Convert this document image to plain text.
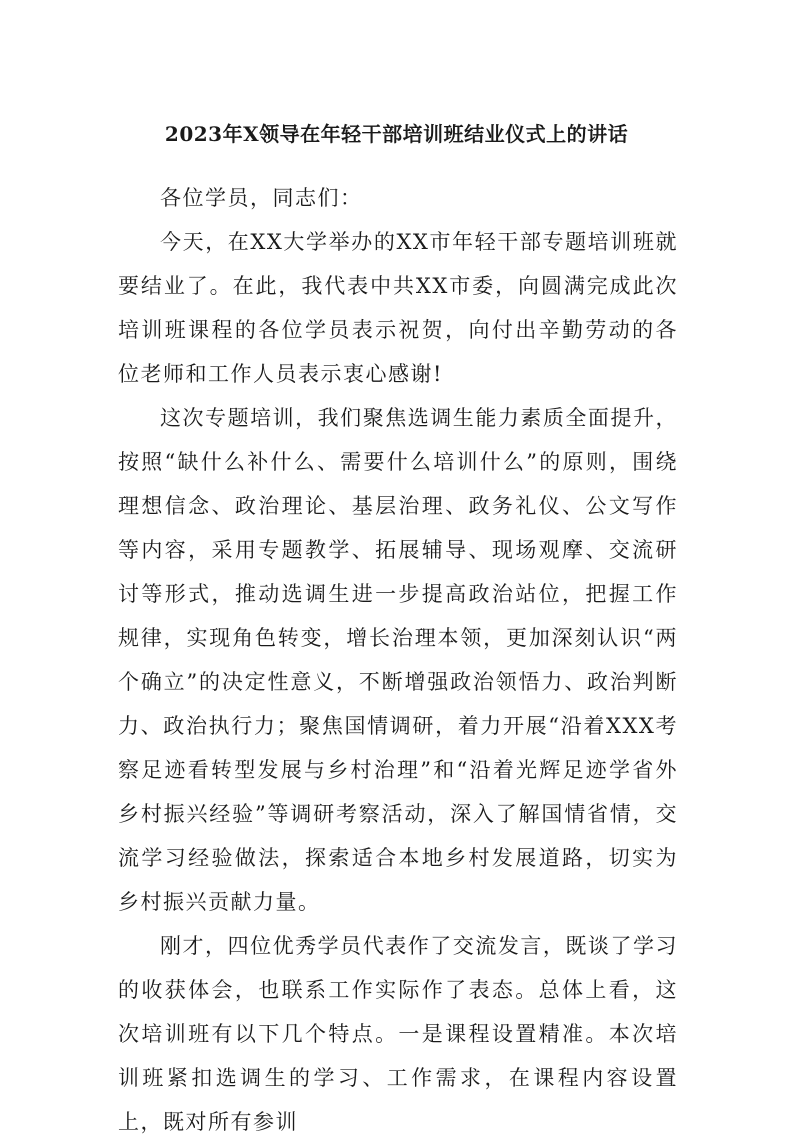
2023年X领导在年轻干部培训班结业仪式上的讲话

各位学员，同志们：

今天，在XX大学举办的XX市年轻干部专题培训班就要结业了。在此，我代表中共XX市委，向圆满完成此次培训班课程的各位学员表示祝贺，向付出辛勤劳动的各位老师和工作人员表示衷心感谢!

这次专题培训，我们聚焦选调生能力素质全面提升，按照“缺什么补什么、需要什么培训什么”的原则，围绕理想信念、政治理论、基层治理、政务礼仪、公文写作等内容，采用专题教学、拓展辅导、现场观摩、交流研讨等形式，推动选调生进一步提高政治站位，把握工作规律，实现角色转变，增长治理本领，更加深刻认识“两个确立”的决定性意义，不断增强政治领悟力、政治判断力、政治执行力；聚焦国情调研，着力开展“沿着XXX考察足迹看转型发展与乡村治理”和“沿着光辉足迹学省外乡村振兴经验”等调研考察活动，深入了解国情省情，交流学习经验做法，探索适合本地乡村发展道路，切实为乡村振兴贡献力量。

刚才，四位优秀学员代表作了交流发言，既谈了学习的收获体会，也联系工作实际作了表态。总体上看，这次培训班有以下几个特点。一是课程设置精准。本次培训班紧扣选调生的学习、工作需求，在课程内容设置上，既对所有参训
